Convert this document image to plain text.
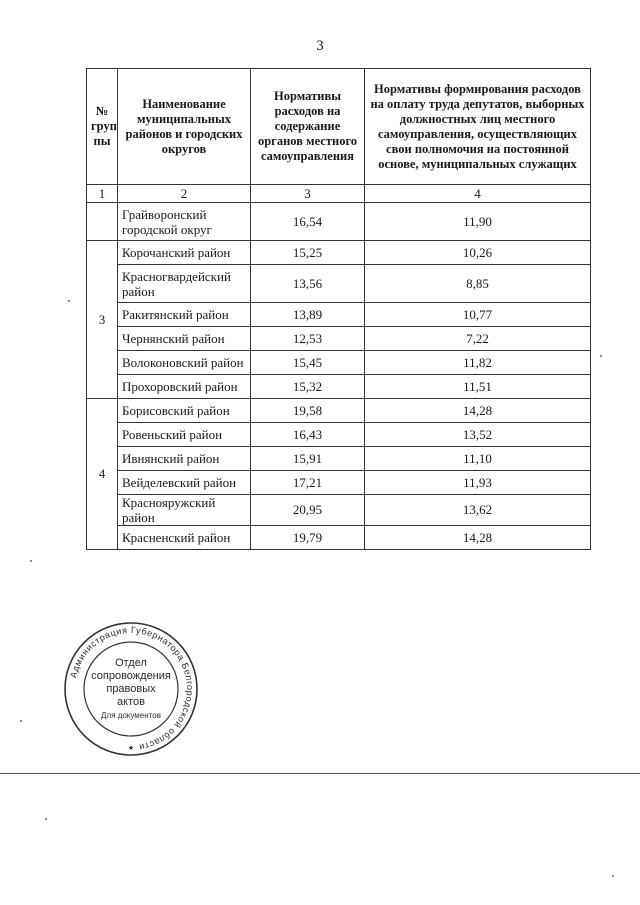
3
№ груп пы	Наименование муниципальных районов и городских округов	Нормативы расходов на содержание органов местного самоуправления	Нормативы формирования расходов на оплату труда депутатов, выборных должностных лиц местного самоуправления, осуществляющих свои полномочия на постоянной основе, муниципальных служащих
1	2	3	4
	Грайворонский городской округ	16,54	11,90
3	Корочанский район	15,25	10,26
	Красногвардейский район	13,56	8,85
	Ракитянский район	13,89	10,77
	Чернянский район	12,53	7,22
	Волоконовский район	15,45	11,82
	Прохоровский район	15,32	11,51
4	Борисовский район	19,58	14,28
	Ровеньский район	16,43	13,52
	Ивнянский район	15,91	11,10
	Вейделевский район	17,21	11,93
	Краснояружский район	20,95	13,62
	Красненский район	19,79	14,28
Администрация Губернатора Белгородской области
★
Отдел
сопровождения
правовых
актов
Для документов
